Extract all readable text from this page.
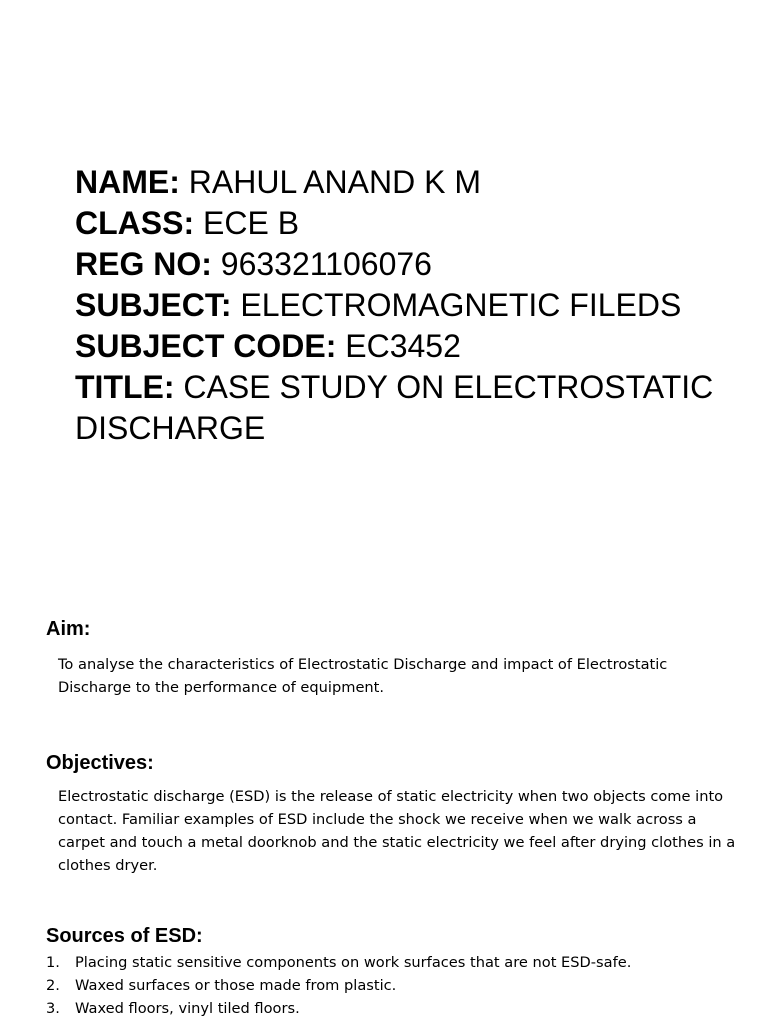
NAME: RAHUL ANAND K M
CLASS: ECE B
REG NO: 963321106076
SUBJECT: ELECTROMAGNETIC FILEDS
SUBJECT CODE: EC3452
TITLE: CASE STUDY ON ELECTROSTATIC DISCHARGE
Aim:
To analyse the characteristics of Electrostatic Discharge and impact of Electrostatic Discharge to the performance of equipment.
Objectives:
Electrostatic discharge (ESD) is the release of static electricity when two objects come into contact. Familiar examples of ESD include the shock we receive when we walk across a carpet and touch a metal doorknob and the static electricity we feel after drying clothes in a clothes dryer.
Sources of ESD:
1. Placing static sensitive components on work surfaces that are not ESD-safe.
2. Waxed surfaces or those made from plastic.
3. Waxed floors, vinyl tiled floors.
